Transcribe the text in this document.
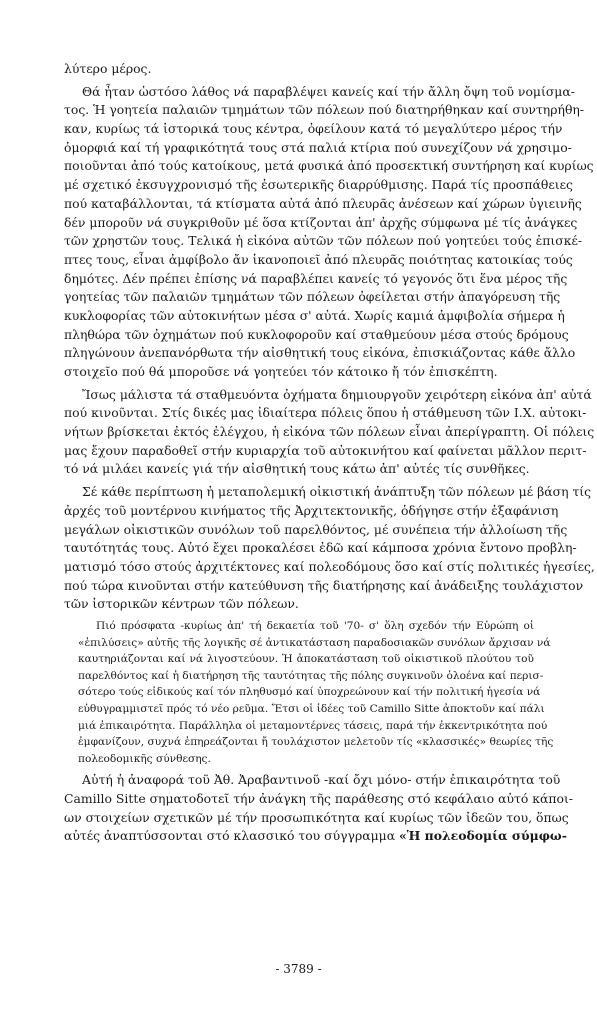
λύτερο μέρος.
Θά ἦταν ὡστόσο λάθος νά παραβλέψει κανείς καί τήν ἄλλη ὄψη τοῦ νομίσμα-
τος. Ἡ γοητεία παλαιῶν τμημάτων τῶν πόλεων πού διατηρήθηκαν καί συντηρήθη-
καν, κυρίως τά ἱστορικά τους κέντρα, ὀφείλουν κατά τό μεγαλύτερο μέρος τήν
ὀμορφιά καί τή γραφικότητά τους στά παλιά κτίρια πού συνεχίζουν νά χρησιμο-
ποιοῦνται ἀπό τούς κατοίκους, μετά φυσικά ἀπό προσεκτική συντήρηση καί κυρίως
μέ σχετικό ἐκσυγχρονισμό τῆς ἐσωτερικῆς διαρρύθμισης. Παρά τίς προσπάθειες
πού καταβάλλονται, τά κτίσματα αὐτά ἀπό πλευρᾶς ἀνέσεων καί χώρων ὑγιεινῆς
δέν μποροῦν νά συγκριθοῦν μέ ὅσα κτίζονται ἀπ' ἀρχῆς σύμφωνα μέ τίς ἀνάγκες
τῶν χρηστῶν τους. Τελικά ἡ εἰκόνα αὐτῶν τῶν πόλεων πού γοητεύει τούς ἐπισκέ-
πτες τους, εἶναι ἀμφίβολο ἄν ἱκανοποιεῖ ἀπό πλευρᾶς ποιότητας κατοικίας τούς
δημότες. Δέν πρέπει ἐπίσης νά παραβλέπει κανείς τό γεγονός ὅτι ἕνα μέρος τῆς
γοητείας τῶν παλαιῶν τμημάτων τῶν πόλεων ὀφείλεται στήν ἀπαγόρευση τῆς
κυκλοφορίας τῶν αὐτοκινήτων μέσα σ' αὐτά. Χωρίς καμιά ἀμφιβολία σήμερα ἡ
πληθώρα τῶν ὀχημάτων πού κυκλοφοροῦν καί σταθμεύουν μέσα στούς δρόμους
πληγώνουν ἀνεπανόρθωτα τήν αἰσθητική τους εἰκόνα, ἐπισκιάζοντας κάθε ἄλλο
στοιχεῖο πού θά μποροῦσε νά γοητεύει τόν κάτοικο ἤ τόν ἐπισκέπτη.
Ἴσως μάλιστα τά σταθμευόντα ὀχήματα δημιουργοῦν χειρότερη εἰκόνα ἀπ' αὐτά
πού κινοῦνται. Στίς δικές μας ἰδιαίτερα πόλεις ὅπου ἡ στάθμευση τῶν Ι.Χ. αὐτοκι-
νήτων βρίσκεται ἐκτός ἐλέγχου, ἡ εἰκόνα τῶν πόλεων εἶναι ἀπερίγραπτη. Οἱ πόλεις
μας ἔχουν παραδοθεῖ στήν κυριαρχία τοῦ αὐτοκινήτου καί φαίνεται μᾶλλον περιτ-
τό νά μιλάει κανείς γιά τήν αἰσθητική τους κάτω ἀπ' αὐτές τίς συνθῆκες.
Σέ κάθε περίπτωση ἡ μεταπολεμική οἰκιστική ἀνάπτυξη τῶν πόλεων μέ βάση τίς
ἀρχές τοῦ μοντέρνου κινήματος τῆς Ἀρχιτεκτονικῆς, ὁδήγησε στήν ἐξαφάνιση
μεγάλων οἰκιστικῶν συνόλων τοῦ παρελθόντος, μέ συνέπεια τήν ἀλλοίωση τῆς
ταυτότητάς τους. Αὐτό ἔχει προκαλέσει ἐδῶ καί κάμποσα χρόνια ἔντονο προβλη-
ματισμό τόσο στούς ἀρχιτέκτονες καί πολεοδόμους ὅσο καί στίς πολιτικές ἡγεσίες,
πού τώρα κινοῦνται στήν κατεύθυνση τῆς διατήρησης καί ἀνάδειξης τουλάχιστον
τῶν ἱστορικῶν κέντρων τῶν πόλεων.
Πιό πρόσφατα -κυρίως ἀπ' τή δεκαετία τοῦ '70- σ' ὅλη σχεδόν τήν Εὐρώπη οἱ
«ἐπιλύσεις» αὐτῆς τῆς λογικῆς σέ ἀντικατάσταση παραδοσιακῶν συνόλων ἄρχισαν νά
καυτηριάζονται καί νά λιγοστεύουν. Ἡ ἀποκατάσταση τοῦ οἰκιστικοῦ πλούτου τοῦ
παρελθόντος καί ἡ διατήρηση τῆς ταυτότητας τῆς πόλης συγκινοῦν ὁλοένα καί περισ-
σότερο τούς εἰδικούς καί τόν πληθυσμό καί ὑποχρεώνουν καί τήν πολιτική ἡγεσία νά
εὐθυγραμμιστεῖ πρός τό νέο ρεῦμα. Ἔτσι οἱ ἰδέες τοῦ Camillo Sitte ἀποκτοῦν καί πάλι
μιά ἐπικαιρότητα. Παράλληλα οἱ μεταμοντέρνες τάσεις, παρά τήν ἐκκεντρικότητα πού
ἐμφανίζουν, συχνά ἐπηρεάζονται ἤ τουλάχιστον μελετοῦν τίς «κλασσικές» θεωρίες τῆς
πολεοδομικῆς σύνθεσης.
Αὐτή ἡ ἀναφορά τοῦ Ἀθ. Ἀραβαντινοῦ -καί ὄχι μόνο- στήν ἐπικαιρότητα τοῦ
Camillo Sitte σηματοδοτεῖ τήν ἀνάγκη τῆς παράθεσης στό κεφάλαιο αὐτό κάποι-
ων στοιχείων σχετικῶν μέ τήν προσωπικότητα καί κυρίως τῶν ἰδεῶν του, ὅπως
αὐτές ἀναπτύσσονται στό κλασσικό του σύγγραμμα «Ἡ πολεοδομία σύμφω-
- 3789 -
